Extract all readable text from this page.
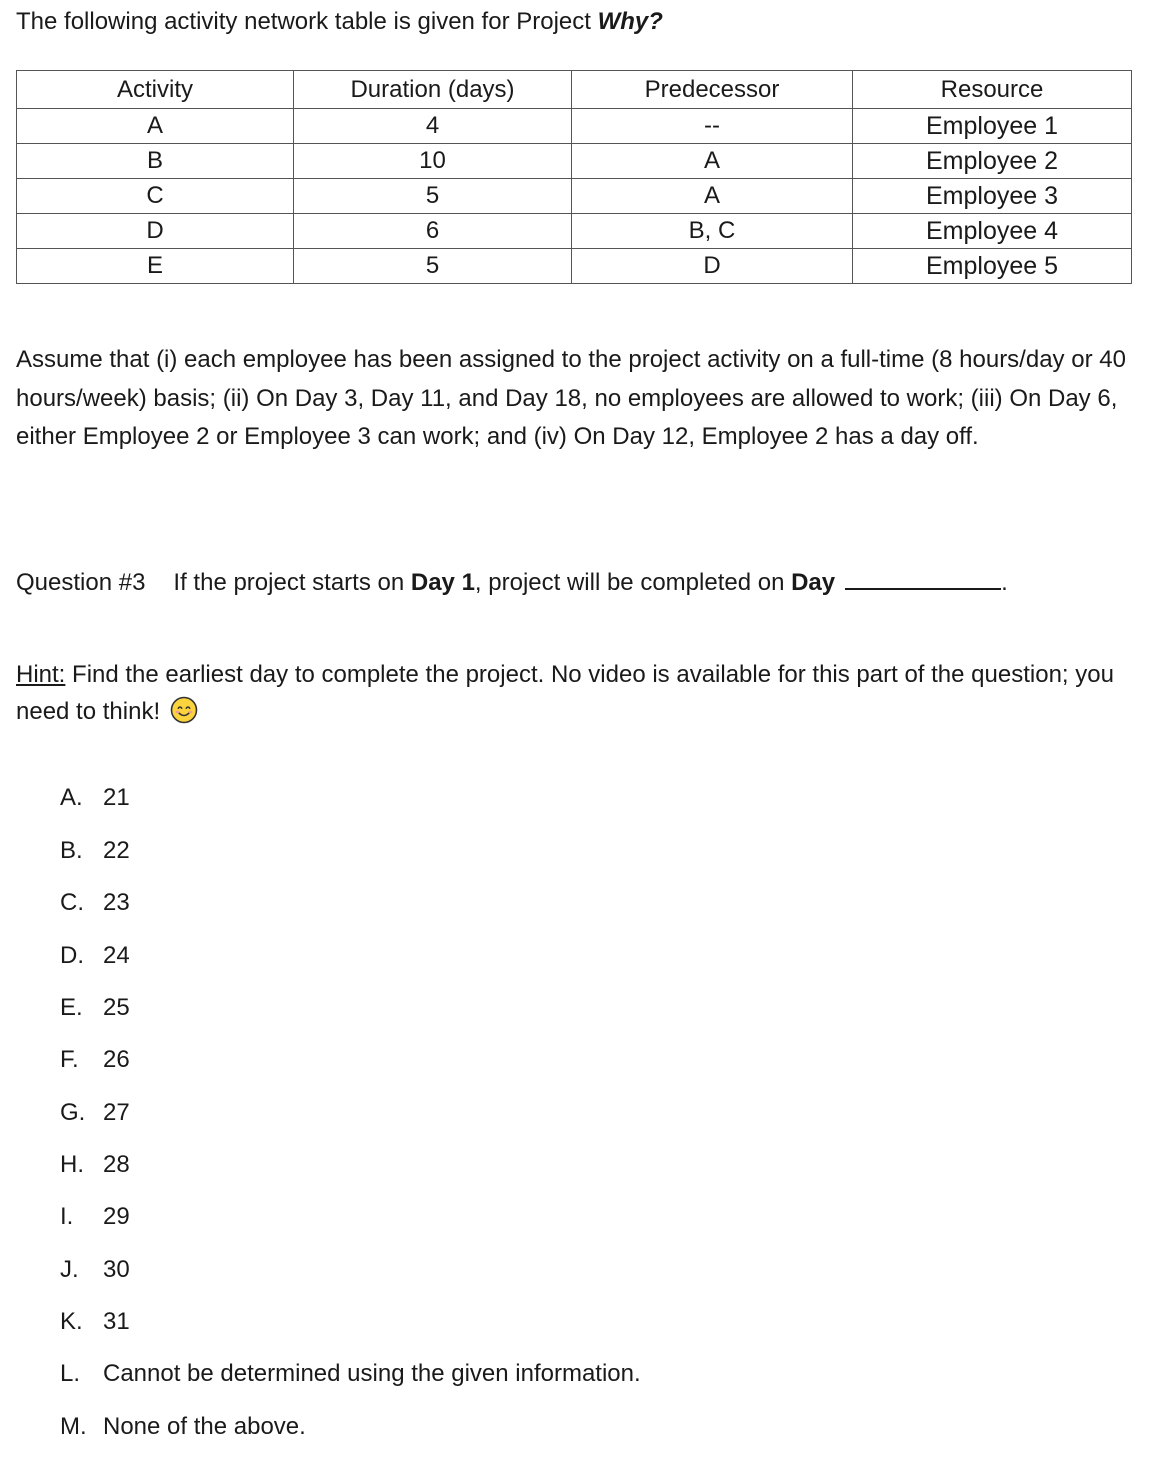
The following activity network table is given for Project Why?
Activity	Duration (days)	Predecessor	Resource
A	4	--	Employee 1
B	10	A	Employee 2
C	5	A	Employee 3
D	6	B, C	Employee 4
E	5	D	Employee 5
Assume that (i) each employee has been assigned to the project activity on a full-time (8 hours/day or 40 hours/week) basis; (ii) On Day 3, Day 11, and Day 18, no employees are allowed to work; (iii) On Day 6, either Employee 2 or Employee 3 can work; and (iv) On Day 12, Employee 2 has a day off.
Question #3 If the project starts on Day 1, project will be completed on Day	.
Hint: Find the earliest day to complete the project. No video is available for this part of the question; you need to think!
A. 21
B. 22
C. 23
D. 24
E. 25
F. 26
G. 27
H. 28
I. 29
J. 30
K. 31
L. Cannot be determined using the given information.
M. None of the above.
